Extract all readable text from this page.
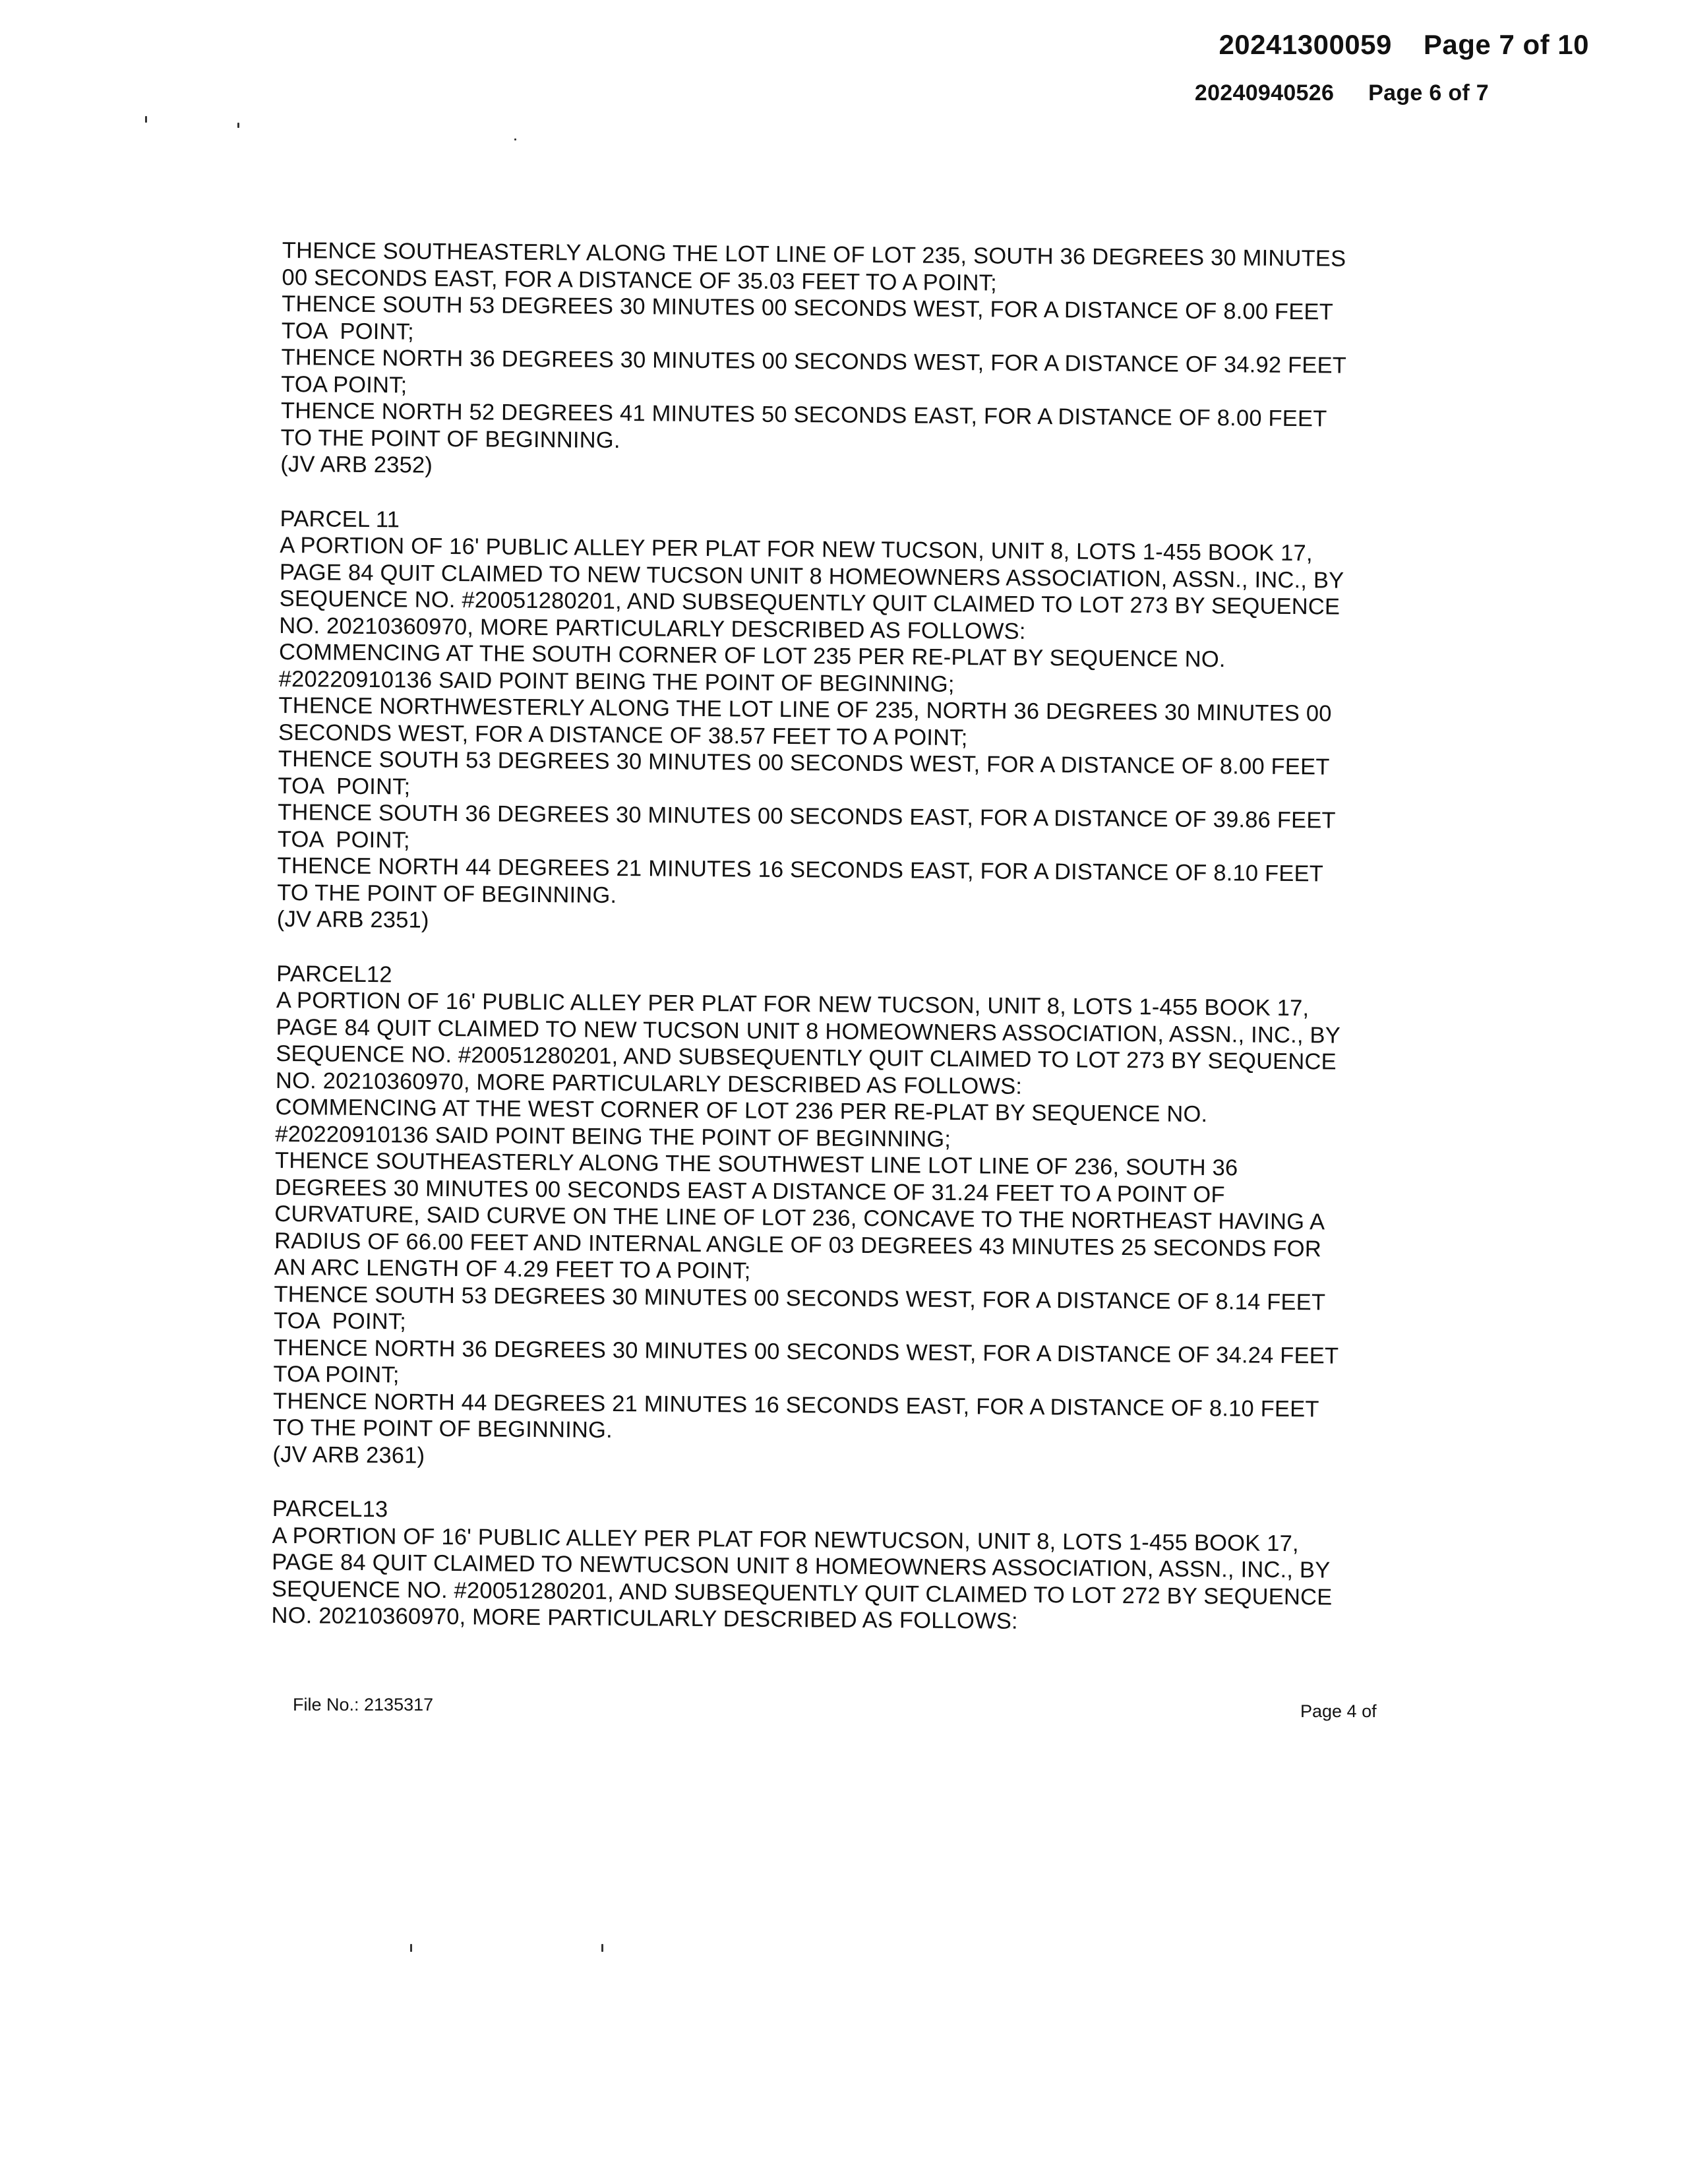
20241300059 Page 7 of 10
20240940526 Page 6 of 7

THENCE SOUTHEASTERLY ALONG THE LOT LINE OF LOT 235, SOUTH 36 DEGREES 30 MINUTES

00 SECONDS EAST, FOR A DISTANCE OF 35.03 FEET TO A POINT;

THENCE SOUTH 53 DEGREES 30 MINUTES 00 SECONDS WEST, FOR A DISTANCE OF 8.00 FEET

TOA  POINT;

THENCE NORTH 36 DEGREES 30 MINUTES 00 SECONDS WEST, FOR A DISTANCE OF 34.92 FEET

TOA POINT;

THENCE NORTH 52 DEGREES 41 MINUTES 50 SECONDS EAST, FOR A DISTANCE OF 8.00 FEET

TO THE POINT OF BEGINNING.

(JV ARB 2352)

PARCEL 11

A PORTION OF 16' PUBLIC ALLEY PER PLAT FOR NEW TUCSON, UNIT 8, LOTS 1-455 BOOK 17,

PAGE 84 QUIT CLAIMED TO NEW TUCSON UNIT 8 HOMEOWNERS ASSOCIATION, ASSN., INC., BY

SEQUENCE NO. #20051280201, AND SUBSEQUENTLY QUIT CLAIMED TO LOT 273 BY SEQUENCE

NO. 20210360970, MORE PARTICULARLY DESCRIBED AS FOLLOWS:

COMMENCING AT THE SOUTH CORNER OF LOT 235 PER RE-PLAT BY SEQUENCE NO.

#20220910136 SAID POINT BEING THE POINT OF BEGINNING;

THENCE NORTHWESTERLY ALONG THE LOT LINE OF 235, NORTH 36 DEGREES 30 MINUTES 00

SECONDS WEST, FOR A DISTANCE OF 38.57 FEET TO A POINT;

THENCE SOUTH 53 DEGREES 30 MINUTES 00 SECONDS WEST, FOR A DISTANCE OF 8.00 FEET

TOA  POINT;

THENCE SOUTH 36 DEGREES 30 MINUTES 00 SECONDS EAST, FOR A DISTANCE OF 39.86 FEET

TOA  POINT;

THENCE NORTH 44 DEGREES 21 MINUTES 16 SECONDS EAST, FOR A DISTANCE OF 8.10 FEET

TO THE POINT OF BEGINNING.

(JV ARB 2351)

PARCEL12

A PORTION OF 16' PUBLIC ALLEY PER PLAT FOR NEW TUCSON, UNIT 8, LOTS 1-455 BOOK 17,

PAGE 84 QUIT CLAIMED TO NEW TUCSON UNIT 8 HOMEOWNERS ASSOCIATION, ASSN., INC., BY

SEQUENCE NO. #20051280201, AND SUBSEQUENTLY QUIT CLAIMED TO LOT 273 BY SEQUENCE

NO. 20210360970, MORE PARTICULARLY DESCRIBED AS FOLLOWS:

COMMENCING AT THE WEST CORNER OF LOT 236 PER RE-PLAT BY SEQUENCE NO.

#20220910136 SAID POINT BEING THE POINT OF BEGINNING;

THENCE SOUTHEASTERLY ALONG THE SOUTHWEST LINE LOT LINE OF 236, SOUTH 36

DEGREES 30 MINUTES 00 SECONDS EAST A DISTANCE OF 31.24 FEET TO A POINT OF

CURVATURE, SAID CURVE ON THE LINE OF LOT 236, CONCAVE TO THE NORTHEAST HAVING A

RADIUS OF 66.00 FEET AND INTERNAL ANGLE OF 03 DEGREES 43 MINUTES 25 SECONDS FOR

AN ARC LENGTH OF 4.29 FEET TO A POINT;

THENCE SOUTH 53 DEGREES 30 MINUTES 00 SECONDS WEST, FOR A DISTANCE OF 8.14 FEET

TOA  POINT;

THENCE NORTH 36 DEGREES 30 MINUTES 00 SECONDS WEST, FOR A DISTANCE OF 34.24 FEET

TOA POINT;

THENCE NORTH 44 DEGREES 21 MINUTES 16 SECONDS EAST, FOR A DISTANCE OF 8.10 FEET

TO THE POINT OF BEGINNING.

(JV ARB 2361)

PARCEL13

A PORTION OF 16' PUBLIC ALLEY PER PLAT FOR NEWTUCSON, UNIT 8, LOTS 1-455 BOOK 17,

PAGE 84 QUIT CLAIMED TO NEWTUCSON UNIT 8 HOMEOWNERS ASSOCIATION, ASSN., INC., BY

SEQUENCE NO. #20051280201, AND SUBSEQUENTLY QUIT CLAIMED TO LOT 272 BY SEQUENCE

NO. 20210360970, MORE PARTICULARLY DESCRIBED AS FOLLOWS:

File No.: 2135317	Page 4 of
